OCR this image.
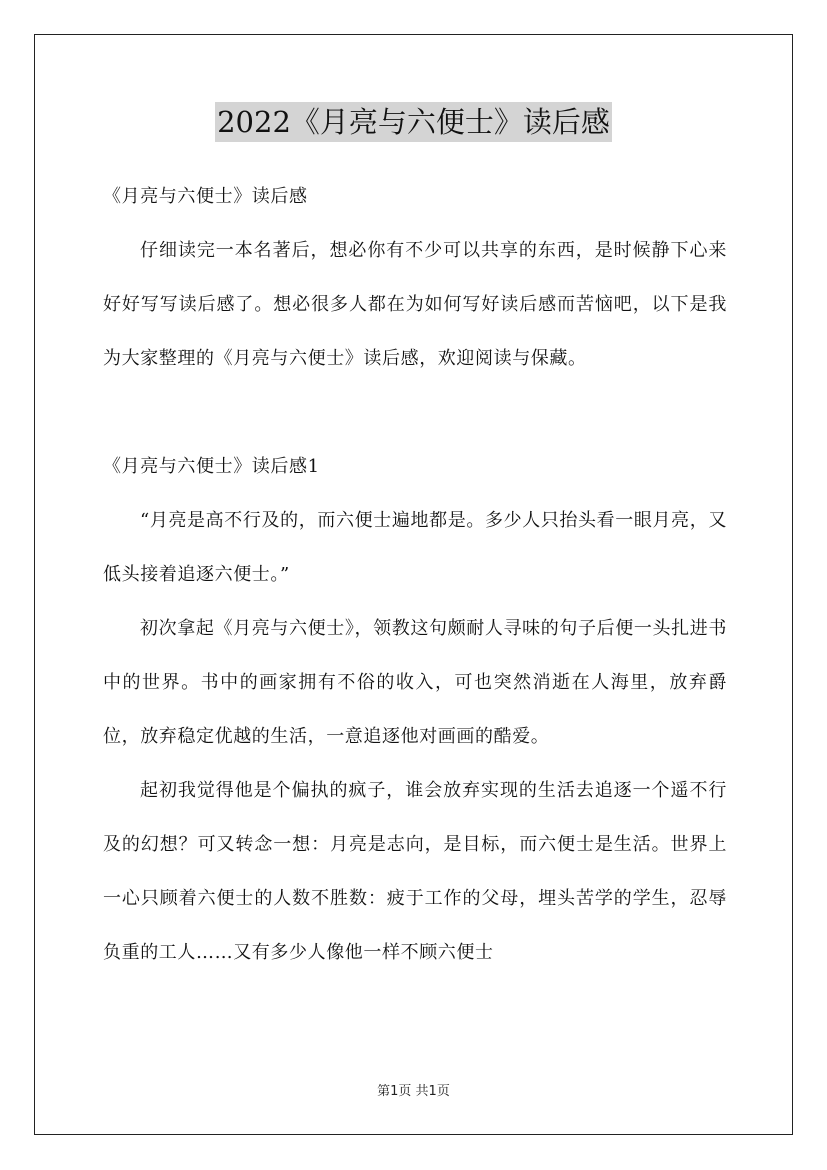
2022《月亮与六便士》读后感

《月亮与六便士》读后感

仔细读完一本名著后，想必你有不少可以共享的东西，是时候静下心来好好写写读后感了。想必很多人都在为如何写好读后感而苦恼吧，以下是我为大家整理的《月亮与六便士》读后感，欢迎阅读与保藏。

《月亮与六便士》读后感1

“月亮是高不行及的，而六便士遍地都是。多少人只抬头看一眼月亮，又低头接着追逐六便士。”

初次拿起《月亮与六便士》，领教这句颇耐人寻味的句子后便一头扎进书中的世界。书中的画家拥有不俗的收入，可也突然消逝在人海里，放弃爵位，放弃稳定优越的生活，一意追逐他对画画的酷爱。

起初我觉得他是个偏执的疯子，谁会放弃实现的生活去追逐一个遥不行及的幻想？可又转念一想：月亮是志向，是目标，而六便士是生活。世界上一心只顾着六便士的人数不胜数：疲于工作的父母，埋头苦学的学生，忍辱负重的工人……又有多少人像他一样不顾六便士

第1页 共1页
